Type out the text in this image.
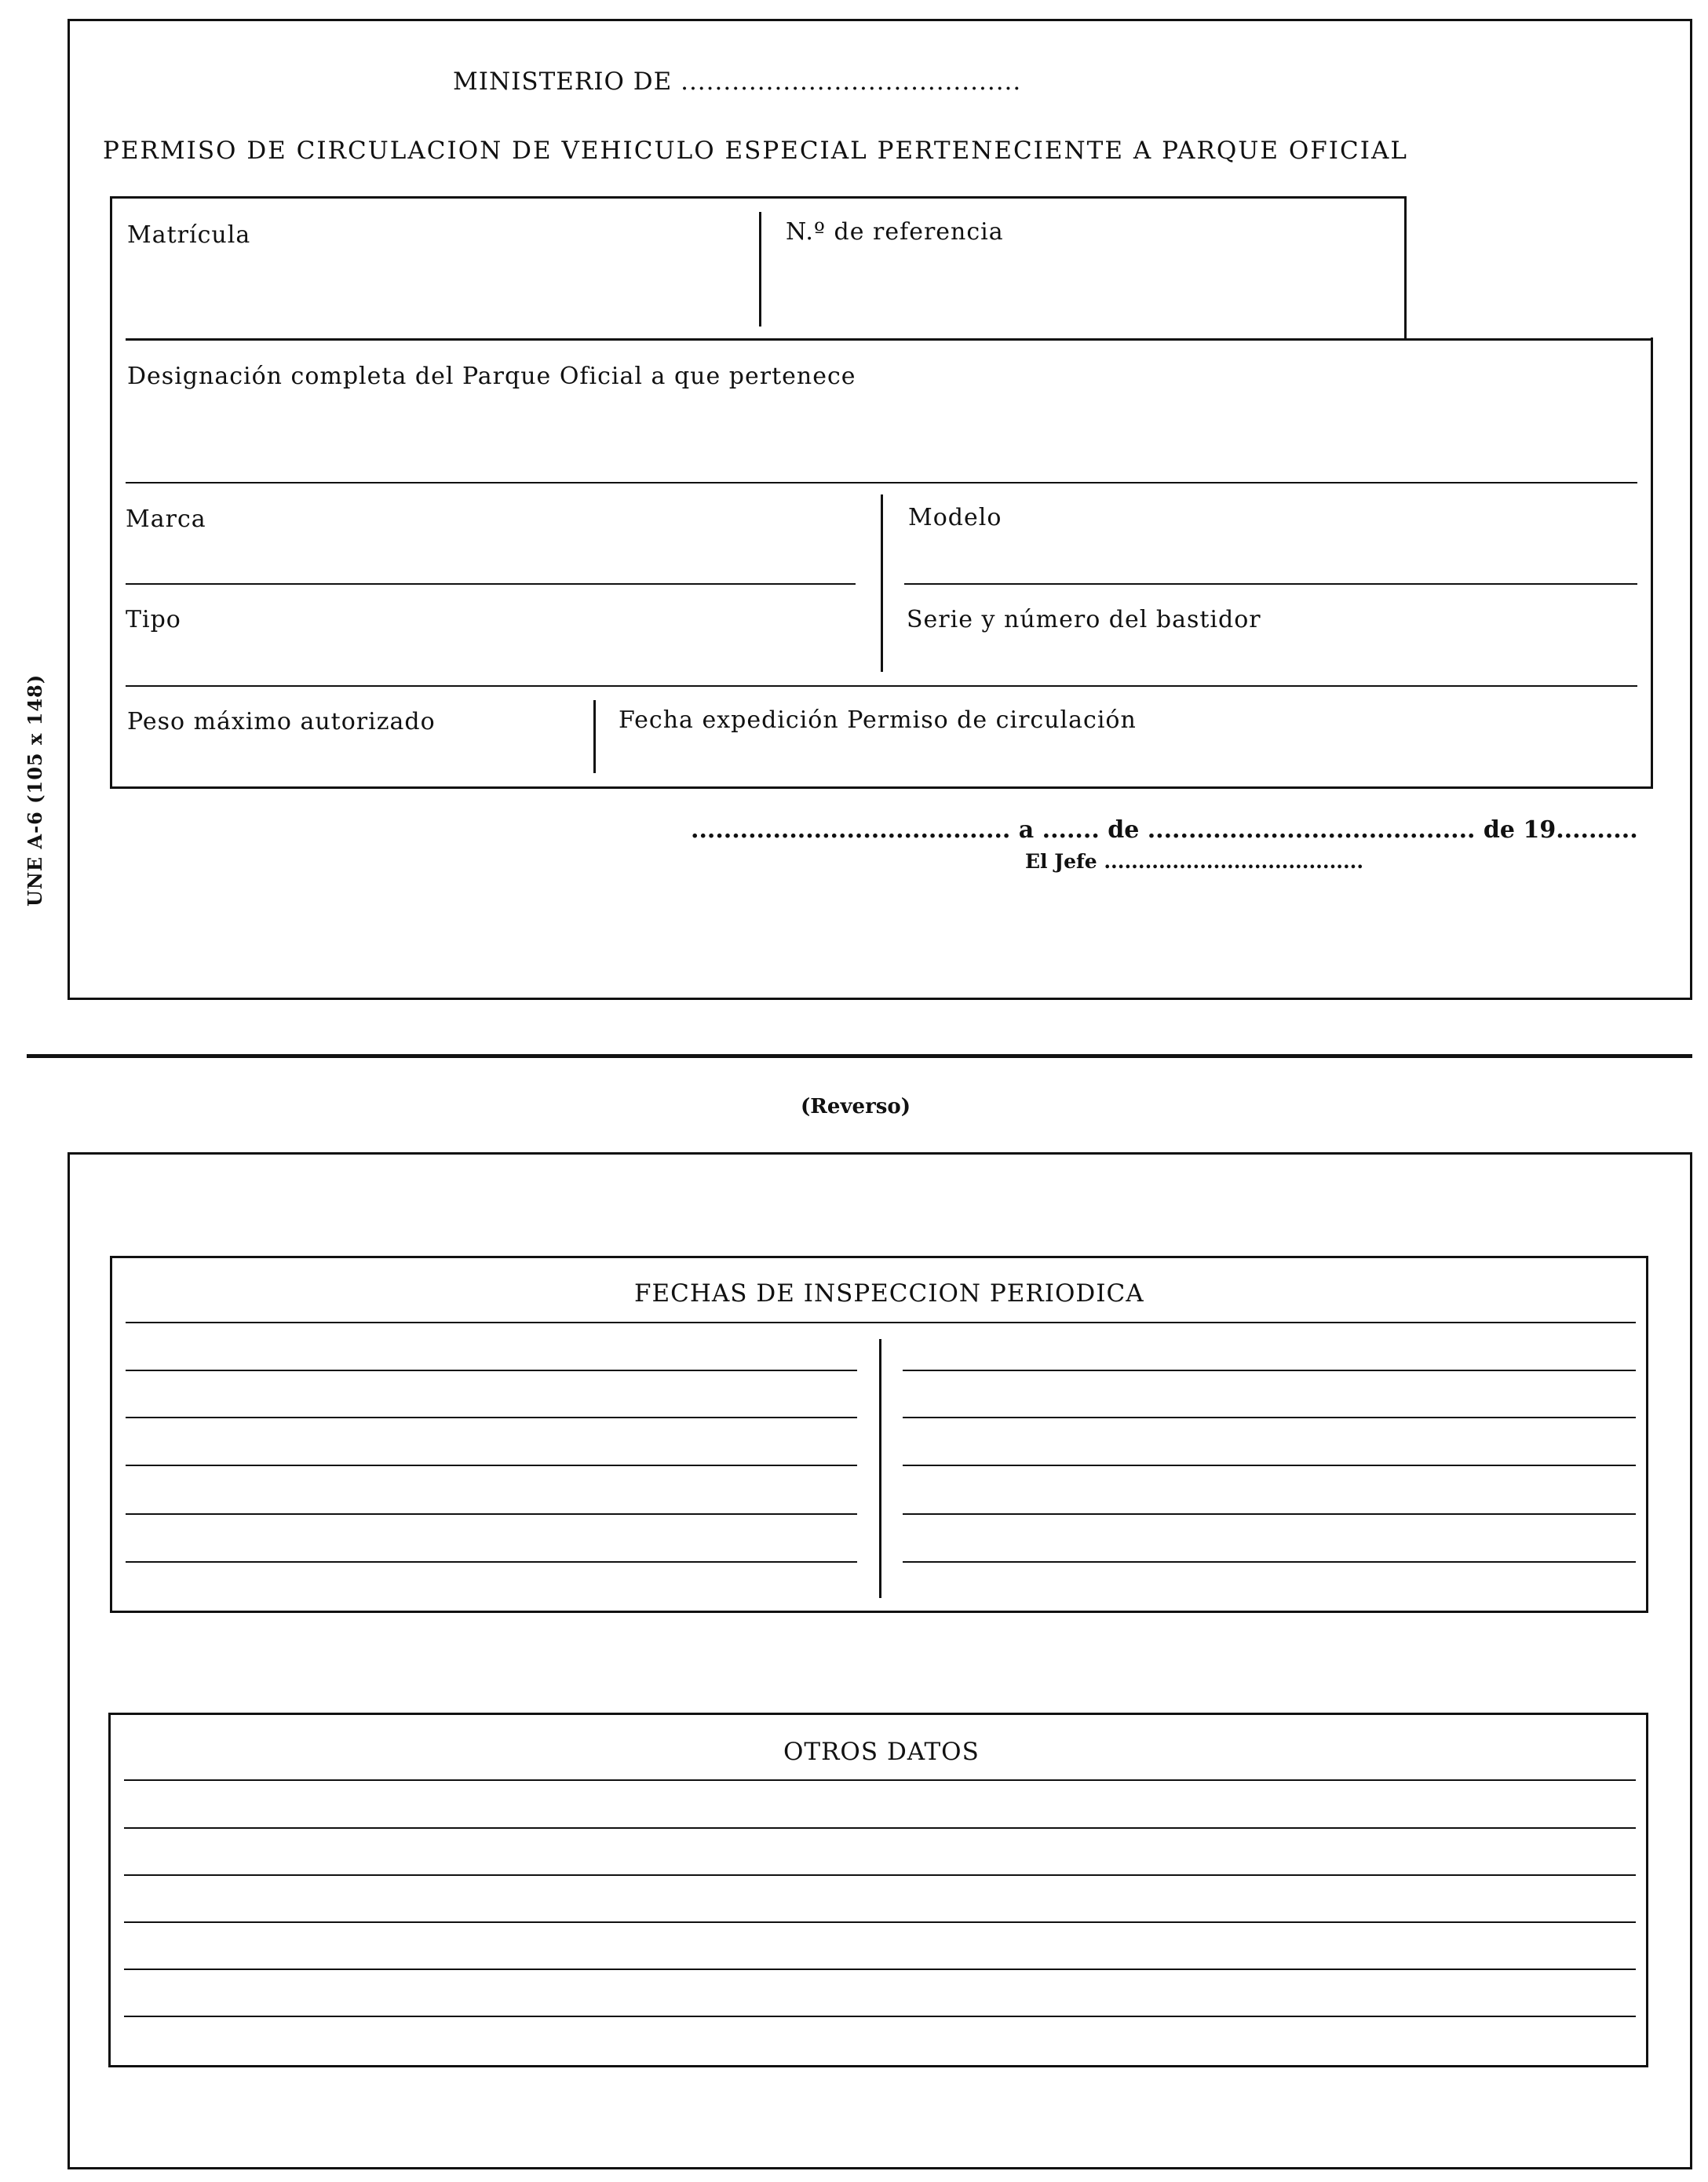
UNE A-6 (105 x 148)
MINISTERIO DE ........................................
PERMISO DE CIRCULACION DE VEHICULO ESPECIAL PERTENECIENTE A PARQUE OFICIAL
Matrícula	N.º de referencia
Designación completa del Parque Oficial a que pertenece
Marca	Modelo
Tipo	Serie y número del bastidor
Peso máximo autorizado	Fecha expedición Permiso de circulación
....................................... a ....... de ........................................ de 19..........
El Jefe ......................................
(Reverso)
FECHAS DE INSPECCION PERIODICA
OTROS DATOS
